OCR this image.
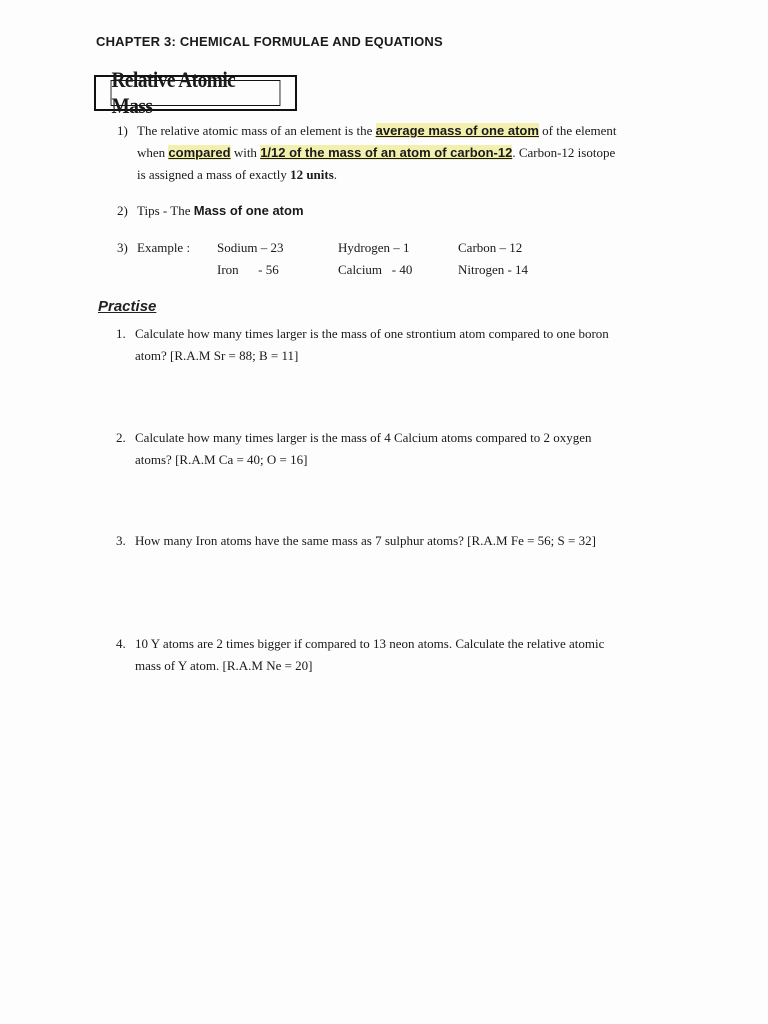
CHAPTER 3: CHEMICAL FORMULAE AND EQUATIONS
Relative Atomic Mass
1) The relative atomic mass of an element is the average mass of one atom of the element
when compared with 1/12 of the mass of an atom of carbon-12. Carbon-12 isotope
is assigned a mass of exactly 12 units.
2) Tips - The Mass of one atom
3) Example : Sodium – 23	Hydrogen – 1	Carbon – 12
Iron - 56	Calcium - 40	Nitrogen - 14
Practise
1. Calculate how many times larger is the mass of one strontium atom compared to one boron
atom? [R.A.M Sr = 88; B = 11]
2. Calculate how many times larger is the mass of 4 Calcium atoms compared to 2 oxygen
atoms? [R.A.M Ca = 40; O = 16]
3. How many Iron atoms have the same mass as 7 sulphur atoms? [R.A.M Fe = 56; S = 32]
4. 10 Y atoms are 2 times bigger if compared to 13 neon atoms. Calculate the relative atomic
mass of Y atom. [R.A.M Ne = 20]
